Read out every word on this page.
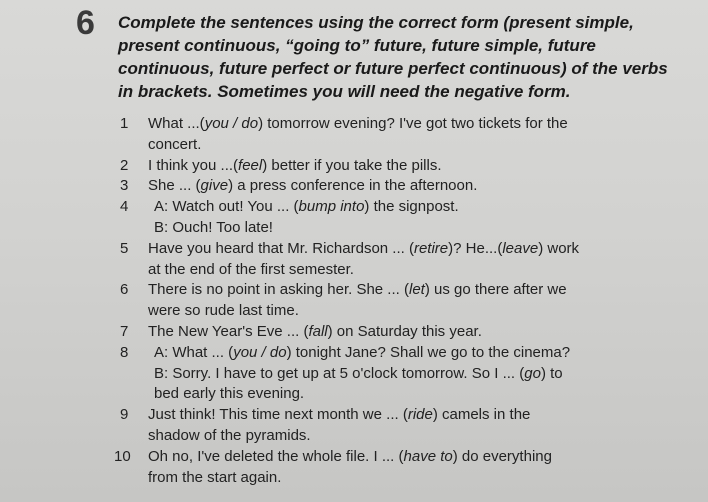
6 Complete the sentences using the correct form (present simple, present continuous, “going to” future, future simple, future continuous, future perfect or future perfect continuous) of the verbs in brackets. Sometimes you will need the negative form.
1 What ...(you / do) tomorrow evening? I've got two tickets for the
concert.
2 I think you ...(feel) better if you take the pills.
3 She ... (give) a press conference in the afternoon.
4	A: Watch out! You ... (bump into) the signpost.
B: Ouch! Too late!
5 Have you heard that Mr. Richardson ... (retire)? He...(leave) work
at the end of the first semester.
6 There is no point in asking her. She ... (let) us go there after we
were so rude last time.
7 The New Year's Eve ... (fall) on Saturday this year.
8	A: What ... (you / do) tonight Jane? Shall we go to the cinema?
B: Sorry. I have to get up at 5 o'clock tomorrow. So I ... (go) to
bed early this evening.
9 Just think! This time next month we ... (ride) camels in the
shadow of the pyramids.
10 Oh no, I've deleted the whole file. I ... (have to) do everything
from the start again.
